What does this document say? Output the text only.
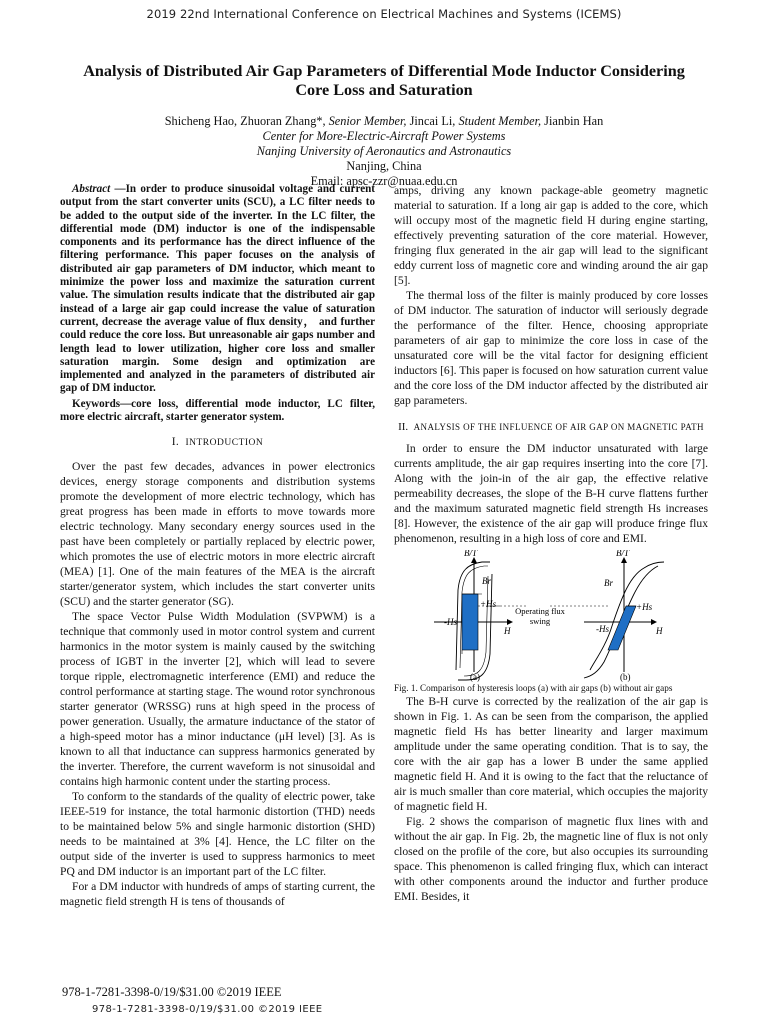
2019 22nd International Conference on Electrical Machines and Systems (ICEMS)
Analysis of Distributed Air Gap Parameters of Differential Mode Inductor Considering Core Loss and Saturation
Shicheng Hao, Zhuoran Zhang*, Senior Member, Jincai Li, Student Member, Jianbin Han
Center for More-Electric-Aircraft Power Systems
Nanjing University of Aeronautics and Astronautics
Nanjing, China
Email: apsc-zzr@nuaa.edu.cn

Abstract —In order to produce sinusoidal voltage and current output from the start converter units (SCU), a LC filter needs to be added to the output side of the inverter. In the LC filter, the differential mode (DM) inductor is one of the indispensable components and its performance has the direct influence of the filtering performance. This paper focuses on the analysis of distributed air gap parameters of DM inductor, which meant to minimize the power loss and maximize the saturation current value. The simulation results indicate that the distributed air gap instead of a large air gap could increase the value of saturation current, decrease the average value of flux density， and further could reduce the core loss. But unreasonable air gaps number and length lead to lower utilization, higher core loss and smaller saturation margin. Some design and optimization are implemented and analyzed in the parameters of distributed air gap of DM inductor.

Keywords—core loss, differential mode inductor, LC filter, more electric aircraft, starter generator system.

I. INTRODUCTION

Over the past few decades, advances in power electronics devices, energy storage components and distribution systems promote the development of more electric technology, which has great progress has been made in efforts to move towards more electric technology. Many secondary energy sources used in the past have been completely or partially replaced by electric power, which promotes the use of electric motors in more electric aircraft (MEA) [1]. One of the main features of the MEA is the aircraft starter/generator system, which includes the start converter units (SCU) and the starter generator (SG).

The space Vector Pulse Width Modulation (SVPWM) is a technique that commonly used in motor control system and current harmonics in the motor system is mainly caused by the switching process of IGBT in the inverter [2], which will lead to severe torque ripple, electromagnetic interference (EMI) and reduce the control performance at starting stage. The wound rotor synchronous starter generator (WRSSG) runs at high speed in the process of power generation. Usually, the armature inductance of the stator of a high-speed motor has a minor inductance (μH level) [3]. As is known to all that inductance can suppress harmonics generated by the inverter. Therefore, the current waveform is not sinusoidal and contains high harmonic content under the starting process.

To conform to the standards of the quality of electric power, take IEEE-519 for instance, the total harmonic distortion (THD) needs to be maintained below 5% and single harmonic distortion (SHD) needs to be maintained at 3% [4]. Hence, the LC filter on the output side of the inverter is used to suppress harmonics to meet PQ and DM inductor is an important part of the LC filter.

For a DM inductor with hundreds of amps of starting current, the magnetic field strength H is tens of thousands of

amps, driving any known package-able geometry magnetic material to saturation. If a long air gap is added to the core, which will occupy most of the magnetic field H during engine starting, effectively preventing saturation of the core material. However, fringing flux generated in the air gap will lead to the significant eddy current loss of magnetic core and winding around the air gap [5].

The thermal loss of the filter is mainly produced by core losses of DM inductor. The saturation of inductor will seriously degrade the performance of the filter. Hence, choosing appropriate parameters of air gap to minimize the core loss in case of the unsaturated core will be the vital factor for designing efficient inductors [6]. This paper is focused on how saturation current value and the core loss of the DM inductor affected by the distributed air gap parameters.

II. ANALYSIS OF THE INFLUENCE OF AIR GAP ON MAGNETIC PATH

In order to ensure the DM inductor unsaturated with large currents amplitude, the air gap requires inserting into the core [7]. Along with the join-in of the air gap, the effective relative permeability decreases, the slope of the B-H curve flattens further and the maximum saturated magnetic field strength Hs increases [8]. However, the existence of the air gap will produce fringe flux phenomenon, resulting in a high loss of core and EMI.

B/T
Br
+Hs
-Hs
H
(a)
Operating flux
swing
B/T
Br
+Hs
-Hs	H
(b)

Fig. 1. Comparison of hysteresis loops (a) with air gaps (b) without air gaps

The B-H curve is corrected by the realization of the air gap is shown in Fig. 1. As can be seen from the comparison, the applied magnetic field Hs has better linearity and larger maximum amplitude under the same operating condition. That is to say, the core with the air gap has a lower B under the same applied magnetic field H. And it is owing to the fact that the reluctance of air is much smaller than core material, which occupies the majority of magnetic field H.

Fig. 2 shows the comparison of magnetic flux lines with and without the air gap. In Fig. 2b, the magnetic line of flux is not only closed on the profile of the core, but also occupies its surrounding space. This phenomenon is called fringing flux, which can interact with other components around the inductor and further produce EMI. Besides, it

978-1-7281-3398-0/19/$31.00 ©2019 IEEE
978-1-7281-3398-0/19/$31.00 ©2019 IEEE
